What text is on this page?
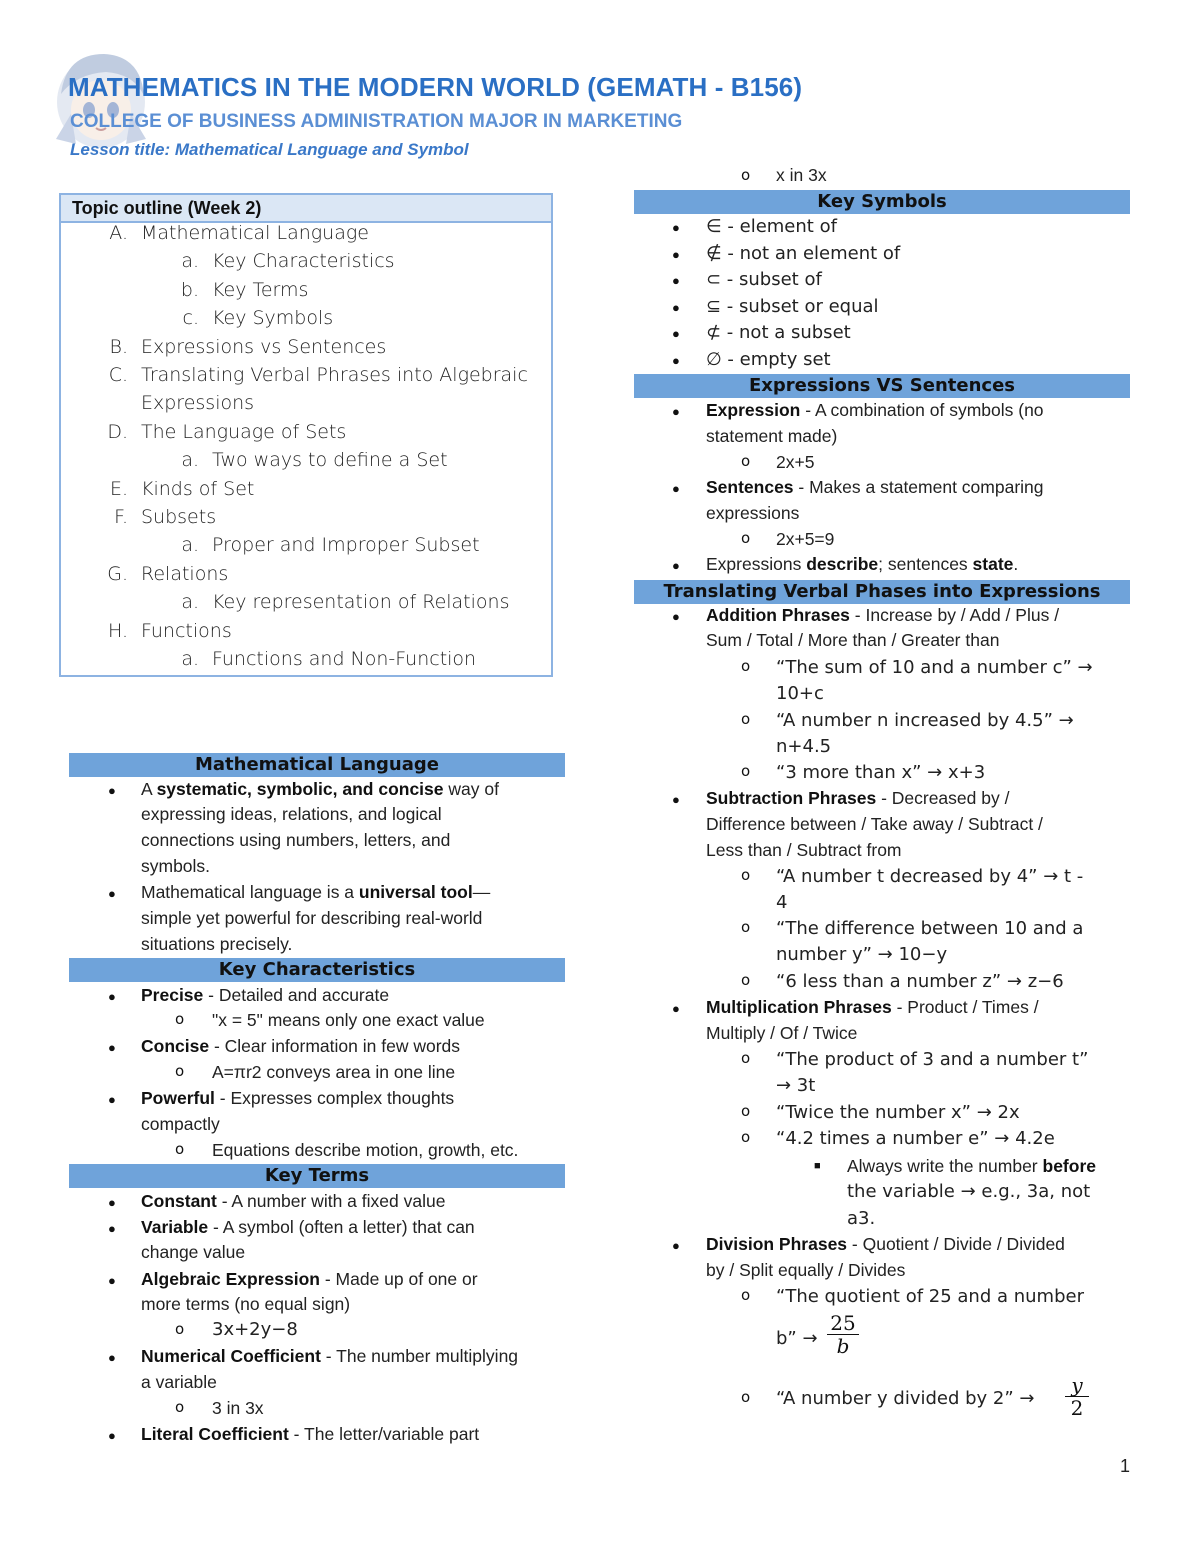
MATHEMATICS IN THE MODERN WORLD (GEMATH - B156)
COLLEGE OF BUSINESS ADMINISTRATION MAJOR IN MARKETING
Lesson title: Mathematical Language and Symbol
Topic outline (Week 2)
A. Mathematical Language
a. Key Characteristics
b. Key Terms
c. Key Symbols
B. Expressions vs Sentences
C. Translating Verbal Phrases into Algebraic
Expressions
D. The Language of Sets
a. Two ways to define a Set
E. Kinds of Set
F. Subsets
a. Proper and Improper Subset
G. Relations
a. Key representation of Relations
H. Functions
a. Functions and Non-Function
Mathematical Language
● A systematic, symbolic, and concise way of
expressing ideas, relations, and logical
connections using numbers, letters, and
symbols.
● Mathematical language is a universal tool—
simple yet powerful for describing real-world
situations precisely.
Key Characteristics
● Precise - Detailed and accurate
o "x = 5" means only one exact value
● Concise - Clear information in few words
o A=πr2 conveys area in one line
● Powerful - Expresses complex thoughts
compactly
o Equations describe motion, growth, etc.
Key Terms
● Constant - A number with a fixed value
● Variable - A symbol (often a letter) that can
change value
● Algebraic Expression - Made up of one or
more terms (no equal sign)
o 3x+2y−8
● Numerical Coefficient - The number multiplying
a variable
o 3 in 3x
● Literal Coefficient - The letter/variable part
o x in 3x
Key Symbols
● ∈ - element of
● ∉ - not an element of
● ⊂ - subset of
● ⊆ - subset or equal
● ⊄ - not a subset
● ∅ - empty set
Expressions VS Sentences
● Expression - A combination of symbols (no
statement made)
o 2x+5
● Sentences - Makes a statement comparing
expressions
o 2x+5=9
● Expressions describe; sentences state.
Translating Verbal Phases into Expressions
● Addition Phrases - Increase by / Add / Plus /
Sum / Total / More than / Greater than
o “The sum of 10 and a number c” →
10+c
o “A number n increased by 4.5” →
n+4.5
o “3 more than x” → x+3
● Subtraction Phrases - Decreased by /
Difference between / Take away / Subtract /
Less than / Subtract from
o “A number t decreased by 4” → t -
4
o “The difference between 10 and a
number y” → 10−y
o “6 less than a number z” → z−6
● Multiplication Phrases - Product / Times /
Multiply / Of / Twice
o “The product of 3 and a number t”
→ 3t
o “Twice the number x” → 2x
o “4.2 times a number e” → 4.2e
■ Always write the number before
the variable → e.g., 3a, not
a3.
● Division Phrases - Quotient / Divide / Divided
by / Split equally / Divides
o “The quotient of 25 and a number
b” → $\frac{25}{b}$
o “A number y divided by 2” → $\frac{y}{2}$
1
